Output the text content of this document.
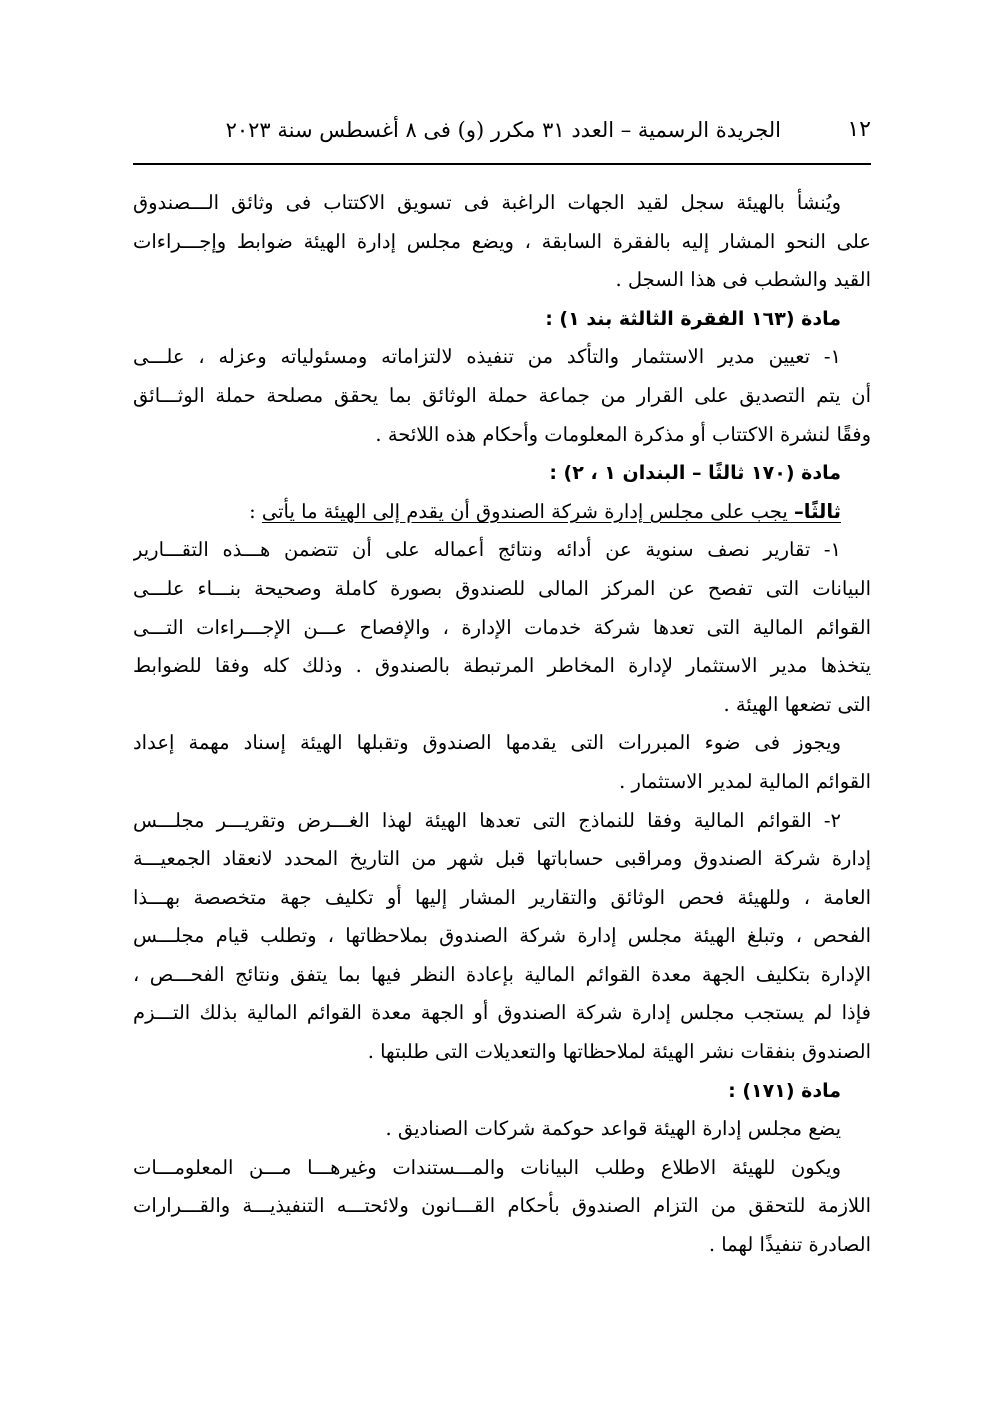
١٢
الجريدة الرسمية – العدد ٣١ مكرر (و) فى ٨ أغسطس سنة ٢٠٢٣
ويُنشأ بالهيئة سجل لقيد الجهات الراغبة فى تسويق الاكتتاب فى وثائق الـــصندوق
على النحو المشار إليه بالفقرة السابقة ، ويضع مجلس إدارة الهيئة ضوابط وإجـــراءات
القيد والشطب فى هذا السجل .
مادة (١٦٣ الفقرة الثالثة بند ١) :
١- تعيين مدير الاستثمار والتأكد من تنفيذه لالتزاماته ومسئولياته وعزله ، علـــى
أن يتم التصديق على القرار من جماعة حملة الوثائق بما يحقق مصلحة حملة الوثـــائق
وفقًا لنشرة الاكتتاب أو مذكرة المعلومات وأحكام هذه اللائحة .
مادة (١٧٠ ثالثًا – البندان ١ ، ٢) :
ثالثًا– يجب على مجلس إدارة شركة الصندوق أن يقدم إلى الهيئة ما يأتى :
١- تقارير نصف سنوية عن أدائه ونتائج أعماله على أن تتضمن هـــذه التقـــارير
البيانات التى تفصح عن المركز المالى للصندوق بصورة كاملة وصحيحة بنـــاء علـــى
القوائم المالية التى تعدها شركة خدمات الإدارة ، والإفصاح عـــن الإجـــراءات التـــى
يتخذها مدير الاستثمار لإدارة المخاطر المرتبطة بالصندوق . وذلك كله وفقا للضوابط
التى تضعها الهيئة .
ويجوز فى ضوء المبررات التى يقدمها الصندوق وتقبلها الهيئة إسناد مهمة إعداد
القوائم المالية لمدير الاستثمار .
٢- القوائم المالية وفقا للنماذج التى تعدها الهيئة لهذا الغـــرض وتقريـــر مجلـــس
إدارة شركة الصندوق ومراقبى حساباتها قبل شهر من التاريخ المحدد لانعقاد الجمعيـــة
العامة ، وللهيئة فحص الوثائق والتقارير المشار إليها أو تكليف جهة متخصصة بهـــذا
الفحص ، وتبلغ الهيئة مجلس إدارة شركة الصندوق بملاحظاتها ، وتطلب قيام مجلـــس
الإدارة بتكليف الجهة معدة القوائم المالية بإعادة النظر فيها بما يتفق ونتائج الفحـــص ،
فإذا لم يستجب مجلس إدارة شركة الصندوق أو الجهة معدة القوائم المالية بذلك التـــزم
الصندوق بنفقات نشر الهيئة لملاحظاتها والتعديلات التى طلبتها .
مادة (١٧١) :
يضع مجلس إدارة الهيئة قواعد حوكمة شركات الصناديق .
ويكون للهيئة الاطلاع وطلب البيانات والمـــستندات وغيرهـــا مـــن المعلومـــات
اللازمة للتحقق من التزام الصندوق بأحكام القـــانون ولائحتـــه التنفيذيـــة والقـــرارات
الصادرة تنفيذًا لهما .
